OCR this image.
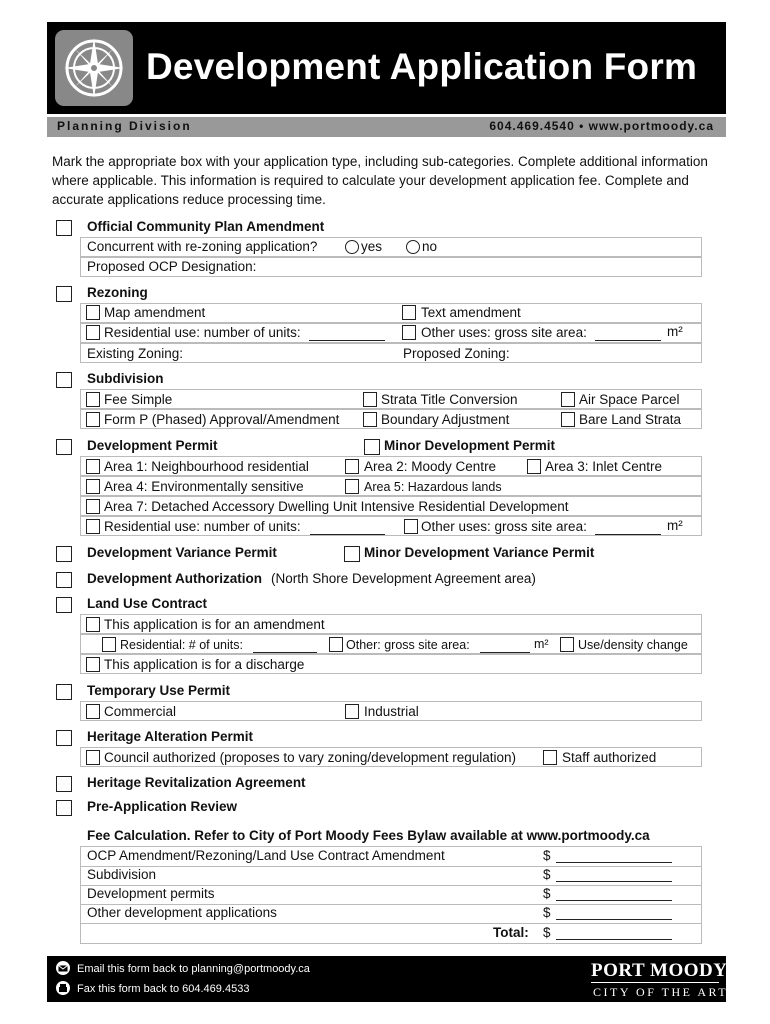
Development Application Form
Planning Division	604.469.4540 • www.portmoody.ca
Mark the appropriate box with your application type, including sub-categories. Complete additional information where applicable. This information is required to calculate your development application fee. Complete and accurate applications reduce processing time.
Official Community Plan Amendment
Concurrent with re-zoning application?	yes	no
Proposed OCP Designation:
Rezoning
Map amendment	Text amendment
Residential use: number of units:	Other uses: gross site area:	m²
Existing Zoning:	Proposed Zoning:
Subdivision
Fee Simple	Strata Title Conversion	Air Space Parcel
Form P (Phased) Approval/Amendment	Boundary Adjustment	Bare Land Strata
Development Permit	Minor Development Permit
Area 1: Neighbourhood residential	Area 2: Moody Centre	Area 3: Inlet Centre
Area 4: Environmentally sensitive	Area 5: Hazardous lands
Area 7: Detached Accessory Dwelling Unit Intensive Residential Development
Residential use: number of units:	Other uses: gross site area:	m²
Development Variance Permit	Minor Development Variance Permit
Development Authorization (North Shore Development Agreement area)
Land Use Contract
This application is for an amendment
Residential: # of units:	Other: gross site area:	m² Use/density change
This application is for a discharge
Temporary Use Permit
Commercial	Industrial
Heritage Alteration Permit
Council authorized (proposes to vary zoning/development regulation)	Staff authorized
Heritage Revitalization Agreement
Pre-Application Review
Fee Calculation. Refer to City of Port Moody Fees Bylaw available at www.portmoody.ca
OCP Amendment/Rezoning/Land Use Contract Amendment	$
Subdivision	$
Development permits	$
Other development applications	$
Total: $
Email this form back to planning@portmoody.ca
Fax this form back to 604.469.4533
PORT MOODY
CITY OF THE ARTS
